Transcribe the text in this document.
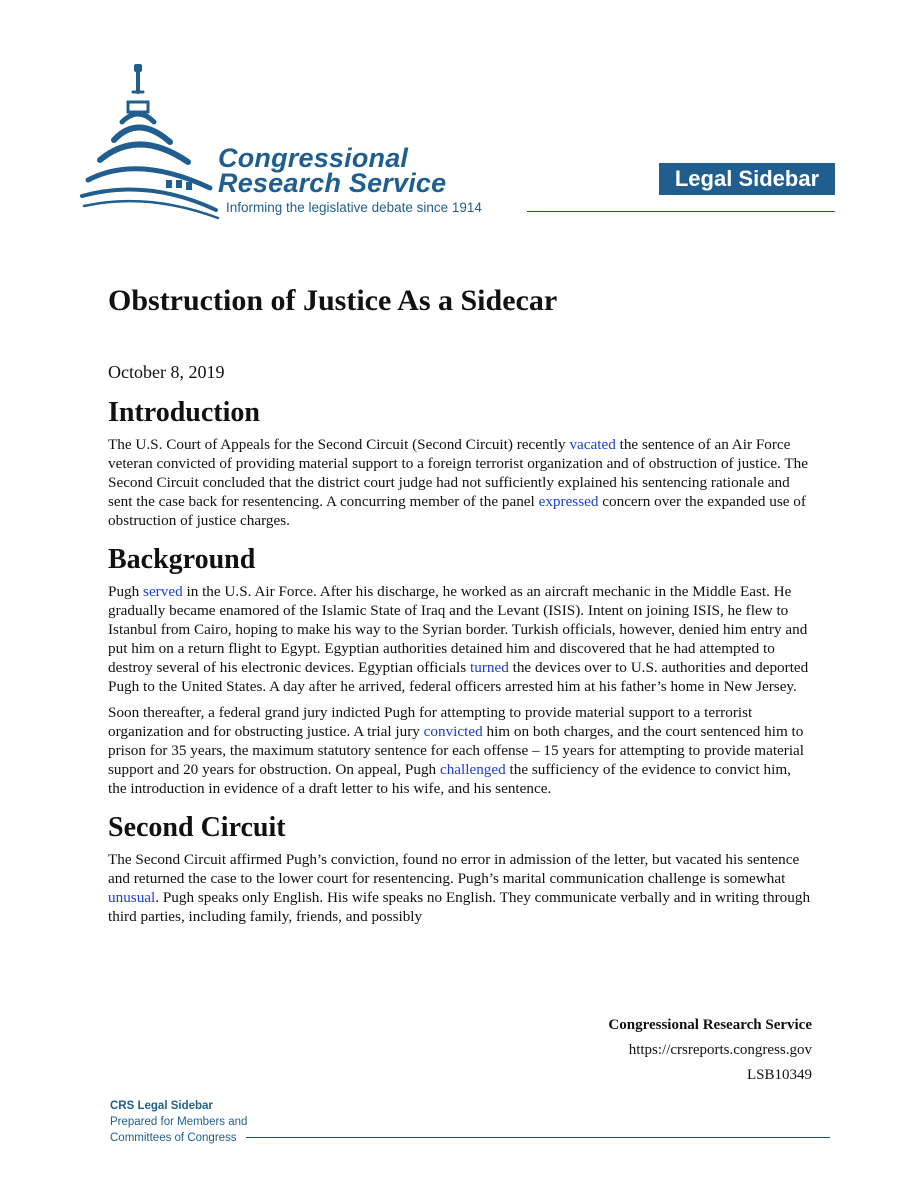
Congressional
Research Service
Informing the legislative debate since 1914
Legal Sidebar
Obstruction of Justice As a Sidecar
October 8, 2019
Introduction

The U.S. Court of Appeals for the Second Circuit (Second Circuit) recently vacated the sentence of an Air Force veteran convicted of providing material support to a foreign terrorist organization and of obstruction of justice. The Second Circuit concluded that the district court judge had not sufficiently explained his sentencing rationale and sent the case back for resentencing. A concurring member of the panel expressed concern over the expanded use of obstruction of justice charges.

Background

Pugh served in the U.S. Air Force. After his discharge, he worked as an aircraft mechanic in the Middle East. He gradually became enamored of the Islamic State of Iraq and the Levant (ISIS). Intent on joining ISIS, he flew to Istanbul from Cairo, hoping to make his way to the Syrian border. Turkish officials, however, denied him entry and put him on a return flight to Egypt. Egyptian authorities detained him and discovered that he had attempted to destroy several of his electronic devices. Egyptian officials turned the devices over to U.S. authorities and deported Pugh to the United States. A day after he arrived, federal officers arrested him at his father’s home in New Jersey.

Soon thereafter, a federal grand jury indicted Pugh for attempting to provide material support to a terrorist organization and for obstructing justice. A trial jury convicted him on both charges, and the court sentenced him to prison for 35 years, the maximum statutory sentence for each offense – 15 years for attempting to provide material support and 20 years for obstruction. On appeal, Pugh challenged the sufficiency of the evidence to convict him, the introduction in evidence of a draft letter to his wife, and his sentence.

Second Circuit

The Second Circuit affirmed Pugh’s conviction, found no error in admission of the letter, but vacated his sentence and returned the case to the lower court for resentencing. Pugh’s marital communication challenge is somewhat unusual. Pugh speaks only English. His wife speaks no English. They communicate verbally and in writing through third parties, including family, friends, and possibly

Congressional Research Service
https://crsreports.congress.gov
LSB10349
CRS Legal Sidebar
Prepared for Members and
Committees of Congress
